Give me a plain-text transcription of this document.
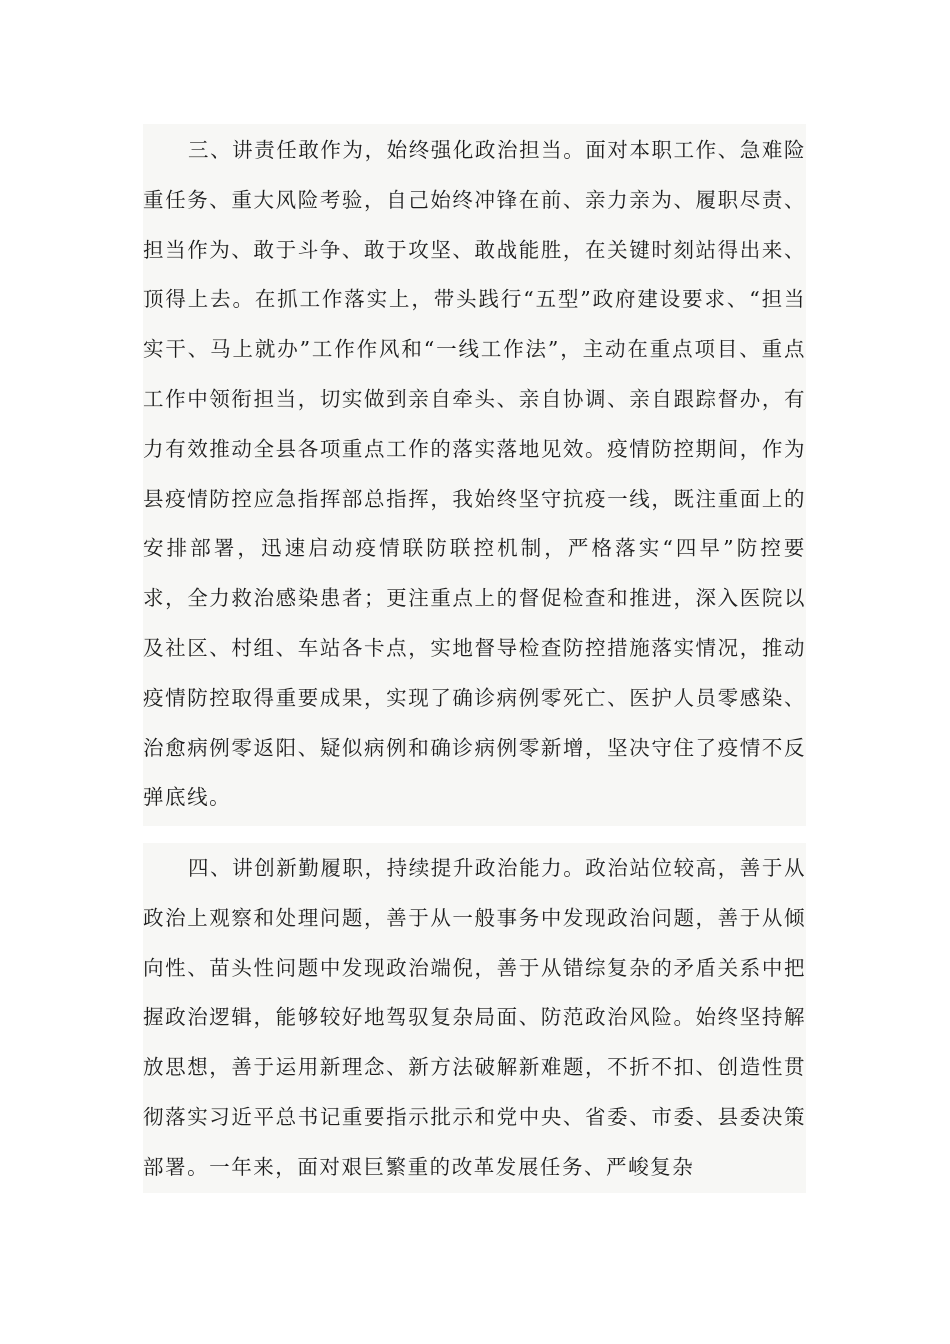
三、讲责任敢作为，始终强化政治担当。面对本职工作、急难险重任务、重大风险考验，自己始终冲锋在前、亲力亲为、履职尽责、担当作为、敢于斗争、敢于攻坚、敢战能胜，在关键时刻站得出来、顶得上去。在抓工作落实上，带头践行“五型”政府建设要求、“担当实干、马上就办”工作作风和“一线工作法”，主动在重点项目、重点工作中领衔担当，切实做到亲自牵头、亲自协调、亲自跟踪督办，有力有效推动全县各项重点工作的落实落地见效。疫情防控期间，作为县疫情防控应急指挥部总指挥，我始终坚守抗疫一线，既注重面上的安排部署，迅速启动疫情联防联控机制，严格落实“四早”防控要求，全力救治感染患者；更注重点上的督促检查和推进，深入医院以及社区、村组、车站各卡点，实地督导检查防控措施落实情况，推动疫情防控取得重要成果，实现了确诊病例零死亡、医护人员零感染、治愈病例零返阳、疑似病例和确诊病例零新增，坚决守住了疫情不反弹底线。

四、讲创新勤履职，持续提升政治能力。政治站位较高，善于从政治上观察和处理问题，善于从一般事务中发现政治问题，善于从倾向性、苗头性问题中发现政治端倪，善于从错综复杂的矛盾关系中把握政治逻辑，能够较好地驾驭复杂局面、防范政治风险。始终坚持解放思想，善于运用新理念、新方法破解新难题，不折不扣、创造性贯彻落实习近平总书记重要指示批示和党中央、省委、市委、县委决策部署。一年来，面对艰巨繁重的改革发展任务、严峻复杂
